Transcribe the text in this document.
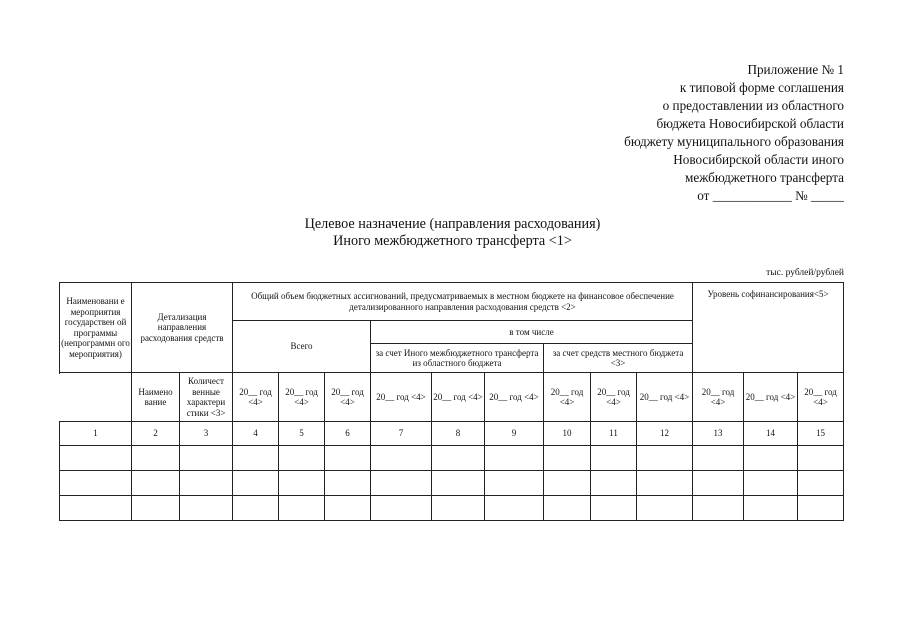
Приложение № 1
к типовой форме соглашения
о предоставлении из областного
бюджета Новосибирской области
бюджету муниципального образования
Новосибирской области иного
межбюджетного трансферта
от ____________ № _____
Целевое назначение (направления расходования)
Иного межбюджетного трансферта <1>
тыс. рублей/рублей
Наименовани е мероприятия государствен ой программы (непрограммн ого мероприятия)	Детализация направления расходования средств		Общий объем бюджетных ассигнований, предусматриваемых в местном бюджете на финансовое обеспечение детализированного направления расходования средств <2>									Уровень софинансирования<5>		
			Всего			в том числе								
						за счет Иного межбюджетного трансферта из областного бюджета			за счет средств местного бюджета <3>					
	Наимено вание	Количест венные характери стики <3>	20__ год <4>	20__ год <4>	20__ год <4>	20__ год <4>	20__ год <4>	20__ год <4>	20__ год <4>	20__ год <4>	20__ год <4>	20__ год <4>	20__ год <4>	20__ год <4>

1	2	3	4	5	6	7	8	9	10	11	12	13	14	15
